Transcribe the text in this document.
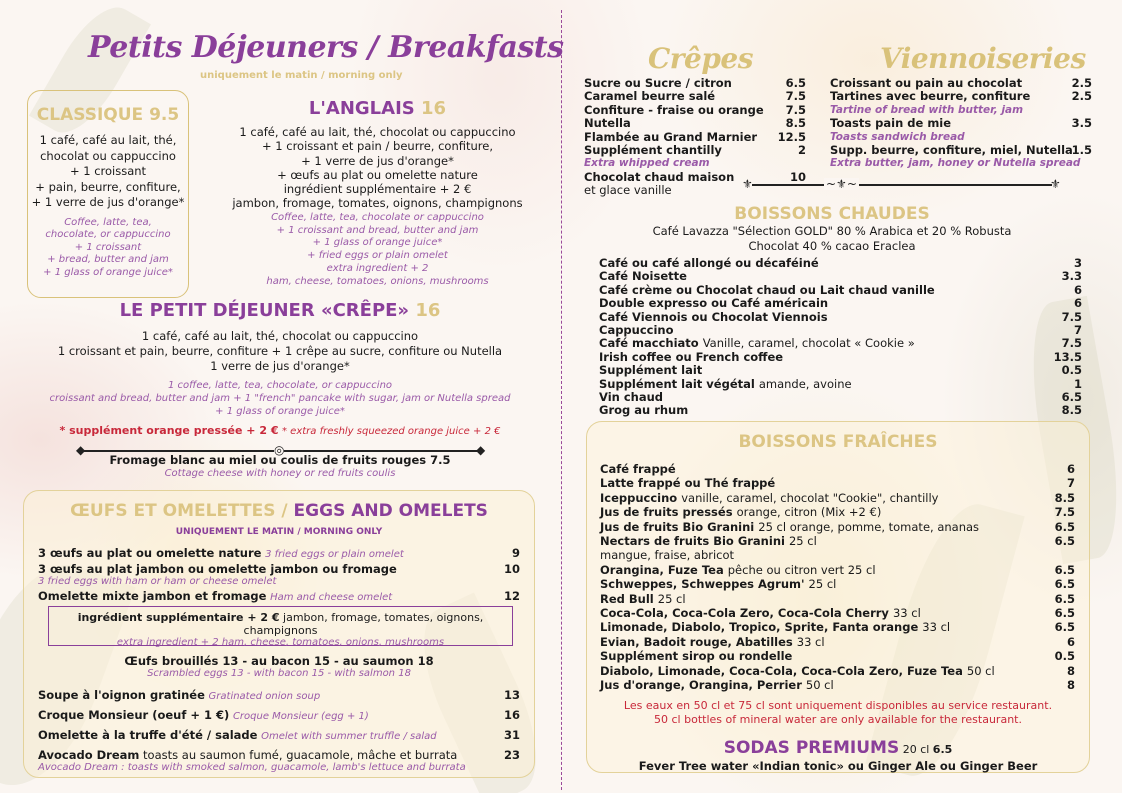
Petits Déjeuners / Breakfasts
uniquement le matin / morning only
CLASSIQUE 9.5
1 café, café au lait, thé,
chocolat ou cappuccino
+ 1 croissant
+ pain, beurre, confiture,
+ 1 verre de jus d'orange*
Coffee, latte, tea,
chocolate, or cappuccino
+ 1 croissant
+ bread, butter and jam
+ 1 glass of orange juice*
L'ANGLAIS 16
1 café, café au lait, thé, chocolat ou cappuccino
+ 1 croissant et pain / beurre, confiture,
+ 1 verre de jus d'orange*
+ œufs au plat ou omelette nature
ingrédient supplémentaire + 2 €
jambon, fromage, tomates, oignons, champignons
Coffee, latte, tea, chocolate or cappuccino
+ 1 croissant and bread, butter and jam
+ 1 glass of orange juice*
+ fried eggs or plain omelet
extra ingredient + 2
ham, cheese, tomatoes, onions, mushrooms
LE PETIT DÉJEUNER «CRÊPE» 16
1 café, café au lait, thé, chocolat ou cappuccino
1 croissant et pain, beurre, confiture + 1 crêpe au sucre, confiture ou Nutella
1 verre de jus d'orange*
1 coffee, latte, tea, chocolate, or cappuccino
croissant and bread, butter and jam + 1 "french" pancake with sugar, jam or Nutella spread
+ 1 glass of orange juice*
* supplément orange pressée + 2 € * extra freshly squeezed orange juice + 2 €
◆	◎	◆
Fromage blanc au miel ou coulis de fruits rouges 7.5
Cottage cheese with honey or red fruits coulis
ŒUFS ET OMELETTES / EGGS AND OMELETS
UNIQUEMENT LE MATIN / MORNING ONLY
3 œufs au plat ou omelette nature 3 fried eggs or plain omelet	9
3 œufs au plat jambon ou omelette jambon ou fromage
3 fried eggs with ham or ham or cheese omelet
10
Omelette mixte jambon et fromage Ham and cheese omelet	12
ingrédient supplémentaire + 2 € jambon, fromage, tomates, oignons, champignons
extra ingredient + 2 ham, cheese, tomatoes, onions, mushrooms
Œufs brouillés 13 - au bacon 15 - au saumon 18
Scrambled eggs 13 - with bacon 15 - with salmon 18
Soupe à l'oignon gratinée Gratinated onion soup	13
Croque Monsieur (oeuf + 1 €) Croque Monsieur (egg + 1)	16
Omelette à la truffe d'été / salade Omelet with summer truffle / salad	31
Avocado Dream toasts au saumon fumé, guacamole, mâche et burrata
Avocado Dream : toasts with smoked salmon, guacamole, lamb's lettuce and burrata
23
Crêpes	Viennoiseries
Sucre ou Sucre / citron	6.5
Caramel beurre salé	7.5
Confiture - fraise ou orange 7.5
Nutella	8.5
Flambée au Grand Marnier 12.5
Supplément chantilly	2
Extra whipped cream
Chocolat chaud maison	10
et glace vanille
Croissant ou pain au chocolat	2.5
Tartines avec beurre, confiture	2.5
Tartine of bread with butter, jam
Toasts pain de mie	3.5
Toasts sandwich bread
Supp. beurre, confiture, miel, Nutella
1.5
Extra butter, jam, honey or Nutella spread
⚜	~⚜~	⚜
BOISSONS CHAUDES
Café Lavazza "Sélection GOLD" 80 % Arabica et 20 % Robusta
Chocolat 40 % cacao Eraclea
Café ou café allongé ou décaféiné	3
Café Noisette	3.3
Café crème ou Chocolat chaud ou Lait chaud vanille	6
Double expresso ou Café américain	6
Café Viennois ou Chocolat Viennois	7.5
Cappuccino	7
Café macchiato Vanille, caramel, chocolat « Cookie »	7.5
Irish coffee ou French coffee	13.5
Supplément lait	0.5
Supplément lait végétal amande, avoine	1
Vin chaud	6.5
Grog au rhum	8.5
BOISSONS FRAÎCHES
Café frappé	6
Latte frappé ou Thé frappé	7
Iceppuccino vanille, caramel, chocolat "Cookie", chantilly	8.5
Jus de fruits pressés orange, citron (Mix +2 €)	7.5
Jus de fruits Bio Granini 25 cl orange, pomme, tomate, ananas	6.5
Nectars de fruits Bio Granini 25 cl	6.5
mangue, fraise, abricot
Orangina, Fuze Tea pêche ou citron vert 25 cl	6.5
Schweppes, Schweppes Agrum' 25 cl	6.5
Red Bull 25 cl	6.5
Coca-Cola, Coca-Cola Zero, Coca-Cola Cherry 33 cl	6.5
Limonade, Diabolo, Tropico, Sprite, Fanta orange 33 cl	6.5
Evian, Badoit rouge, Abatilles 33 cl	6
Supplément sirop ou rondelle	0.5
Diabolo, Limonade, Coca-Cola, Coca-Cola Zero, Fuze Tea 50 cl	8
Jus d'orange, Orangina, Perrier 50 cl	8
Les eaux en 50 cl et 75 cl sont uniquement disponibles au service restaurant.
50 cl bottles of mineral water are only available for the restaurant.
SODAS PREMIUMS 20 cl 6.5
Fever Tree water «Indian tonic» ou Ginger Ale ou Ginger Beer
